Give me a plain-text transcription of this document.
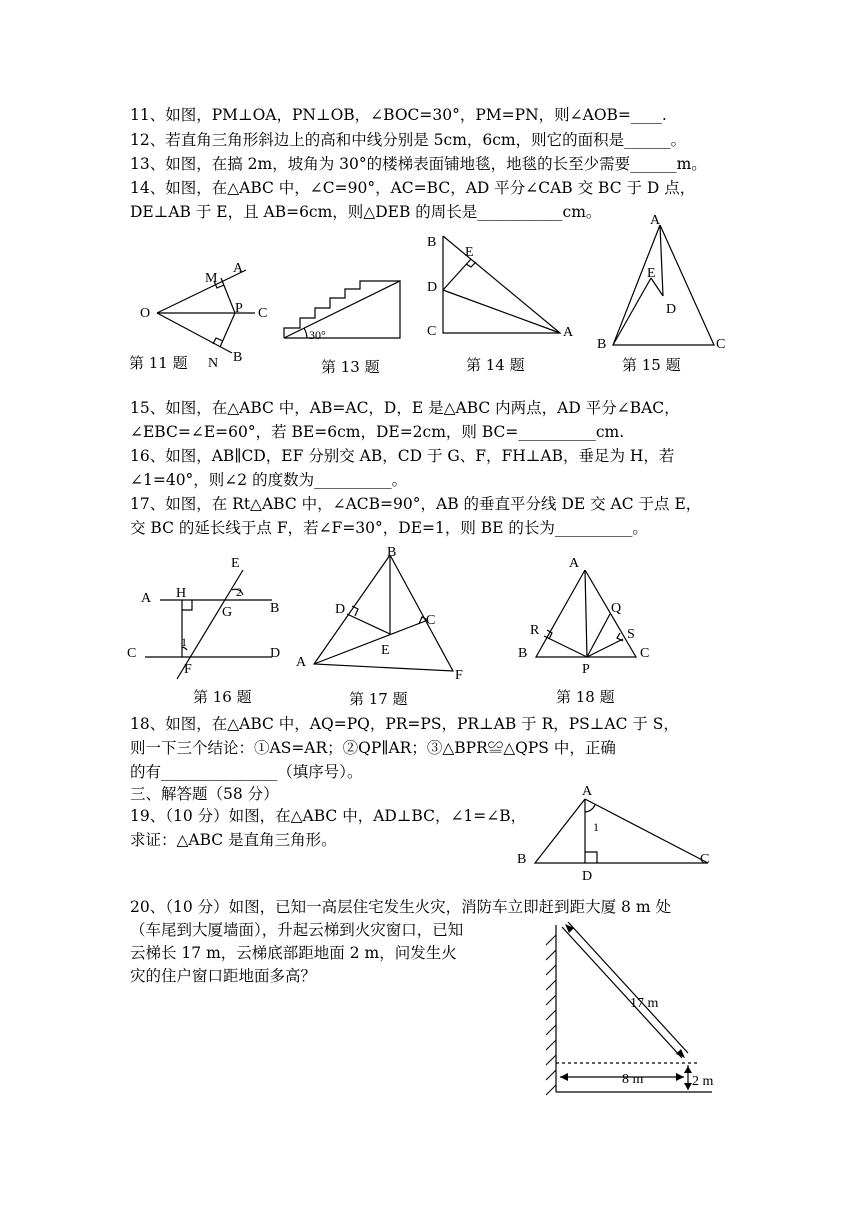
11、如图，PM⊥OA，PN⊥OB，∠BOC=30°，PM=PN，则∠AOB=____.
12、若直角三角形斜边上的高和中线分别是 5cm，6cm，则它的面积是______。
13、如图，在搞 2m，坡角为 30°的楼梯表面铺地毯，地毯的长至少需要______m。
14、如图，在△ABC 中，∠C=90°，AC=BC，AD 平分∠CAB 交 BC 于 D 点，
DE⊥AB 于 E，且 AB=6cm，则△DEB 的周长是___________cm。
M
A
O	P C
N B
30°
B
E
D
C	A
A
E
D
B	C
E
A H	2
G	B
1
C
F
D
B
D
C
A
E
F
A
Q
R	S
B
P
C
A
1
B
D
C
17 m
8 m	2 m
第 11 题	第 13 题	第 14 题	第 15 题
15、如图，在△ABC 中，AB=AC，D，E 是△ABC 内两点，AD 平分∠BAC，
∠EBC=∠E=60°，若 BE=6cm，DE=2cm，则 BC=__________cm.
16、如图，AB∥CD，EF 分别交 AB，CD 于 G、F，FH⊥AB，垂足为 H，若
∠1=40°，则∠2 的度数为__________。
17、如图，在 Rt△ABC 中，∠ACB=90°，AB 的垂直平分线 DE 交 AC 于点 E，
交 BC 的延长线于点 F，若∠F=30°，DE=1，则 BE 的长为__________。
第 16 题	第 17 题	第 18 题
18、如图，在△ABC 中，AQ=PQ，PR=PS，PR⊥AB 于 R，PS⊥AC 于 S，
则一下三个结论：①AS=AR；②QP∥AR；③△BPR≌△QPS 中，正确
的有_______________（填序号）。
三、解答题（58 分）
19、（10 分）如图，在△ABC 中，AD⊥BC，∠1=∠B，
求证：△ABC 是直角三角形。
20、（10 分）如图，已知一高层住宅发生火灾，消防车立即赶到距大厦 8 m 处
（车尾到大厦墙面），升起云梯到火灾窗口，已知
云梯长 17 m，云梯底部距地面 2 m，问发生火
灾的住户窗口距地面多高？
